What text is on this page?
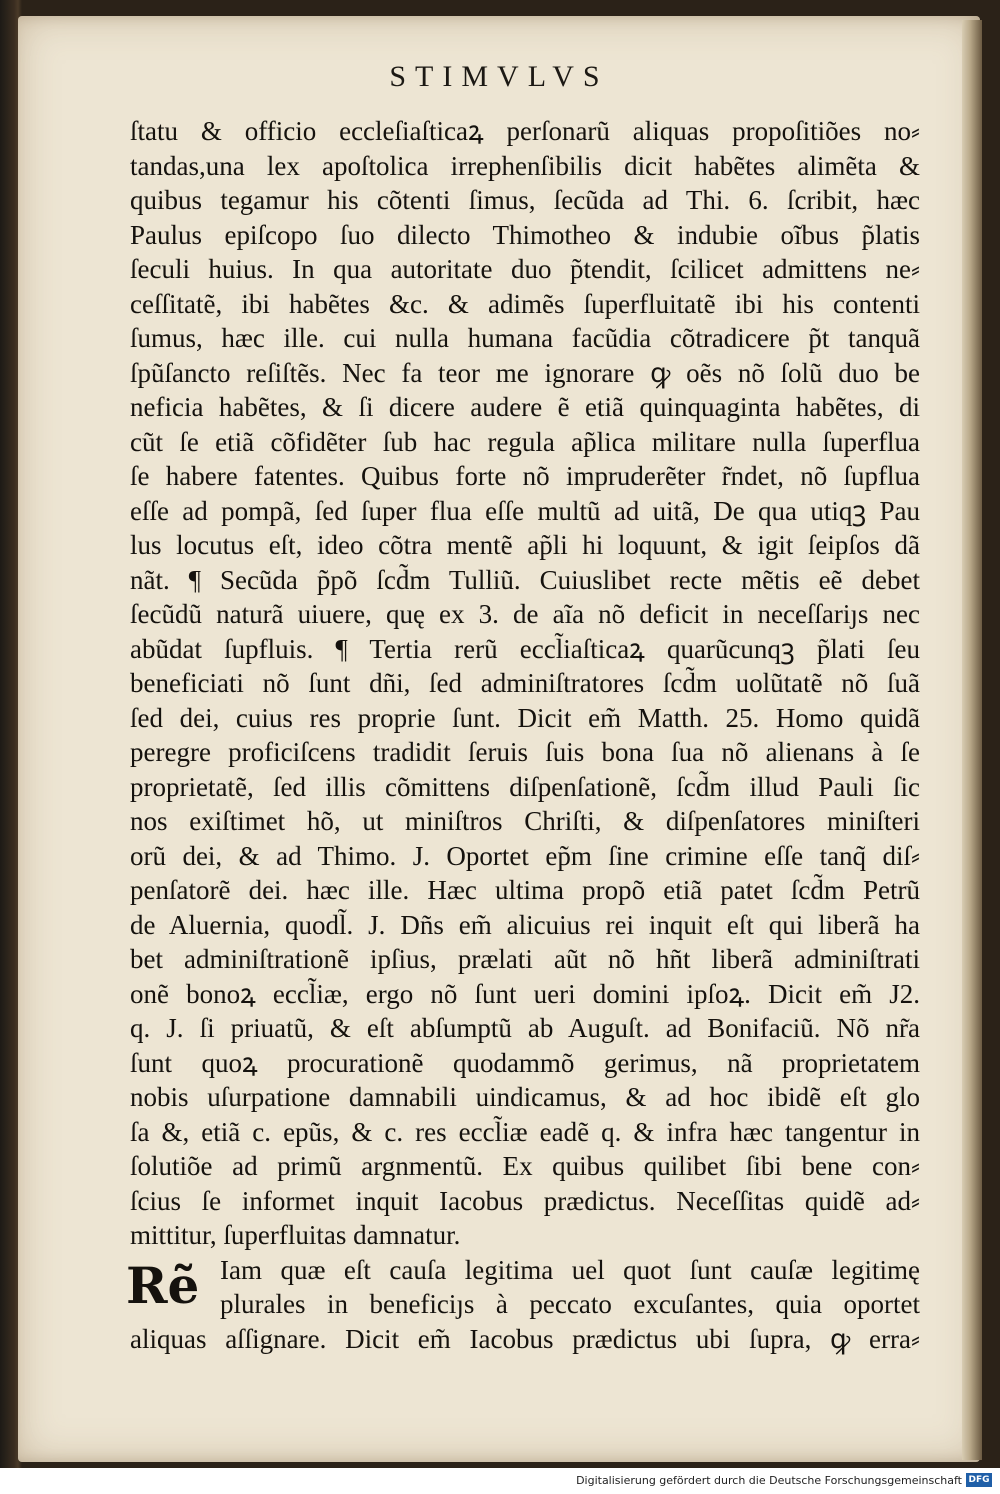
STIMVLVS
ſtatu & officio eccleſiaſticaꝝ perſonarũ aliquas propoſitiões no⸗
tandas,una lex apoſtolica irrephenſibilis dicit habẽtes alimẽta &
quibus tegamur his cõtenti ſimus, ſecũda ad Thi. 6. ſcribit, hæc
Paulus epiſcopo ſuo dilecto Thimotheo & indubie oĩbus p̃latis
ſeculi huius. In qua autoritate duo p̃tendit, ſcilicet admittens ne⸗
ceſſitatẽ, ibi habẽtes &c. & adimẽs ſuperfluitatẽ ibi his contenti
ſumus, hæc ille. cui nulla humana facũdia cõtradicere p̃t tanquã
ſpũſancto reſiſtẽs. Nec fa teor me ignorare ꝙ oẽs nõ ſolũ duo be
neficia habẽtes, & ſi dicere audere ẽ etiã quinquaginta habẽtes, di
cũt ſe etiã cõfidẽter ſub hac regula ap̃lica militare nulla ſuperflua
ſe habere fatentes. Quibus forte nõ impruderẽter r̃ndet, nõ ſupflua
eſſe ad pompã, ſed ſuper flua eſſe multũ ad uitã, De qua utiqꝫ Pau
lus locutus eſt, ideo cõtra mentẽ ap̃li hi loquunt, & igit ſeipſos dã
nãt. ¶ Secũda p̃põ ſcd̃m Tulliũ. Cuiuslibet recte mẽtis eẽ debet
ſecũdũ naturã uiuere, quę ex 3. de aĩa nõ deficit in neceſſariȷs nec
abũdat ſupfluis. ¶ Tertia rerũ eccl̃iaſticaꝝ quarũcunqꝫ p̃lati ſeu
beneficiati nõ ſunt dñi, ſed adminiſtratores ſcd̃m uolũtatẽ nõ ſuã
ſed dei, cuius res proprie ſunt. Dicit em̃ Matth. 25. Homo quidã
peregre proficiſcens tradidit ſeruis ſuis bona ſua nõ alienans à ſe
proprietatẽ, ſed illis cõmittens diſpenſationẽ, ſcd̃m illud Pauli ſic
nos exiſtimet hõ, ut miniſtros Chriſti, & diſpenſatores miniſteri
orũ dei, & ad Thimo. J. Oportet ep̃m ſine crimine eſſe tanq̃ diſ⸗
penſatorẽ dei. hæc ille. Hæc ultima propõ etiã patet ſcd̃m Petrũ
de Aluernia, quodl̃. J. Dñs em̃ alicuius rei inquit eſt qui liberã ha
bet adminiſtrationẽ ipſius, prælati aũt nõ hñt liberã adminiſtrati
onẽ bonoꝝ eccl̃iæ, ergo nõ ſunt ueri domini ipſoꝝ. Dicit em̃ J2.
q. J. ſi priuatũ, & eſt abſumptũ ab Auguſt. ad Bonifaciũ. Nõ nr̃a
ſunt quoꝝ procurationẽ quodammõ gerimus, nã proprietatem
nobis uſurpatione damnabili uindicamus, & ad hoc ibidẽ eſt glo
ſa &, etiã c. epũs, & c. res eccl̃iæ eadẽ q. & infra hæc tangentur in
ſolutiõe ad primũ argnmentũ. Ex quibus quilibet ſibi bene con⸗
ſcius ſe informet inquit Iacobus prædictus. Neceſſitas quidẽ ad⸗
mittitur, ſuperfluitas damnatur.
Rẽ Iam quæ eſt cauſa legitima uel quot ſunt cauſæ legitimę
plurales in beneficiȷs à peccato excuſantes, quia oportet
aliquas aſſignare. Dicit em̃ Iacobus prædictus ubi ſupra, ꝙ erra⸗
Digitalisierung gefördert durch die Deutsche Forschungsgemeinschaft DFG
